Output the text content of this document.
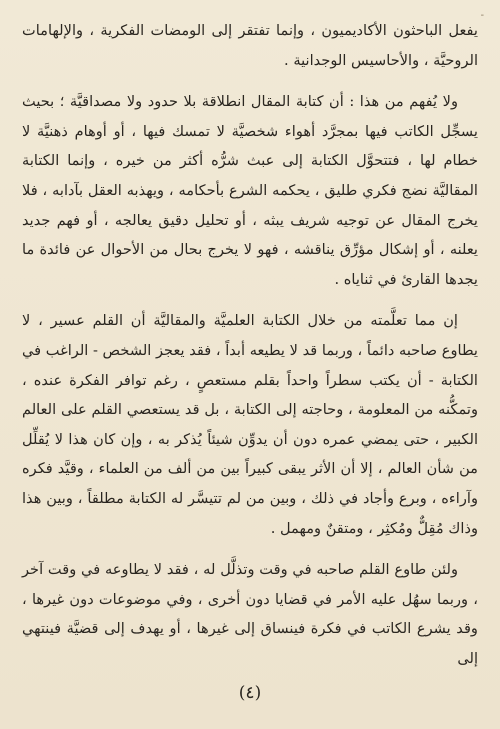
-

يفعل الباحثون الأكاديميون ، وإنما تفتقر إلى الومضات الفكرية ، والإلهامات الروحيَّة ، والأحاسيس الوجدانية .

ولا يُفهم من هذا : أن كتابة المقال انطلاقة بلا حدود ولا مصداقيَّة ؛ بحيث يسجِّل الكاتب فيها بمجرَّد أهواء شخصيَّة لا تمسك فيها ، أو أوهام ذهنيَّة لا خطام لها ، فتتحوَّل الكتابة إلى عبث شرُّه أكثر من خيره ، وإنما الكتابة المقاليَّة نضج فكري طليق ، يحكمه الشرع بأحكامه ، ويهذبه العقل بآدابه ، فلا يخرج المقال عن توجيه شريف يبثه ، أو تحليل دقيق يعالجه ، أو فهم جديد يعلنه ، أو إشكال مؤرِّق يناقشه ، فهو لا يخرج بحال من الأحوال عن فائدة ما يجدها القارئ في ثناياه .

إن مما تعلَّمته من خلال الكتابة العلميَّة والمقاليَّة أن القلم عسير ، لا يطاوع صاحبه دائماً ، وربما قد لا يطيعه أبداً ، فقد يعجز الشخص - الراغب في الكتابة - أن يكتب سطراً واحداً بقلم مستعصٍ ، رغم توافر الفكرة عنده ، وتمكُّنه من المعلومة ، وحاجته إلى الكتابة ، بل قد يستعصي القلم على العالم الكبير ، حتى يمضي عمره دون أن يدوِّن شيئاً يُذكر به ، وإن كان هذا لا يُقلِّل من شأن العالم ، إلا أن الأثر يبقى كبيراً بين من ألف من العلماء ، وقيَّد فكره وآراءه ، وبرع وأجاد في ذلك ، وبين من لم تتيسَّر له الكتابة مطلقاً ، وبين هذا وذاك مُقِلٌّ ومُكثِر ، ومتقنٌ ومهمل .

ولئن طاوع القلم صاحبه في وقت وتذلَّل له ، فقد لا يطاوعه في وقت آخر ، وربما سهُل عليه الأمر في قضايا دون أخرى ، وفي موضوعات دون غيرها ، وقد يشرع الكاتب في فكرة فينساق إلى غيرها ، أو يهدف إلى قضيَّة فينتهي إلى

(٤)
